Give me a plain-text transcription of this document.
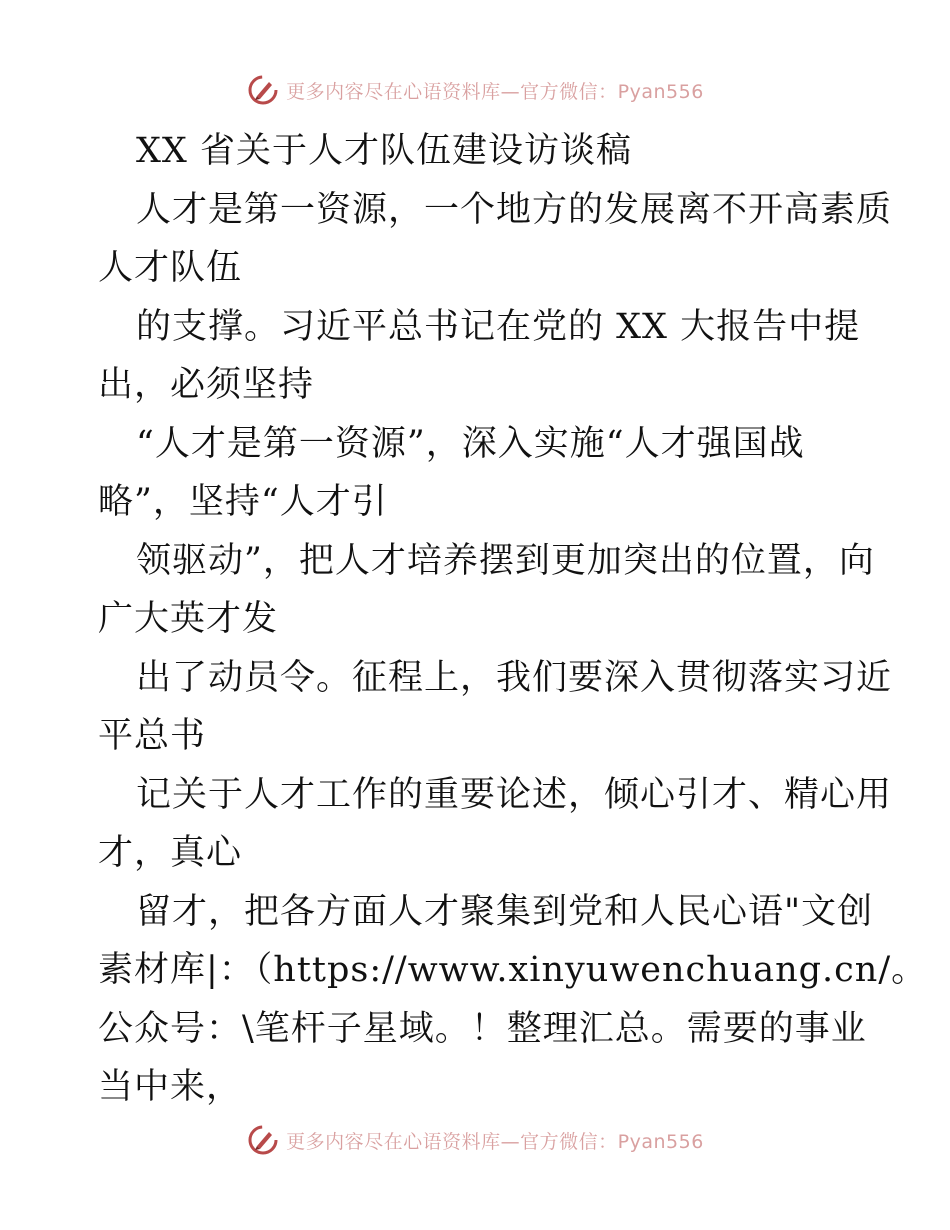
更多内容尽在心语资料库—官方微信：Pyan556
XX 省关于人才队伍建设访谈稿
人才是第一资源，一个地方的发展离不开高素质
人才队伍
的支撑。习近平总书记在党的 XX 大报告中提
出，必须坚持
“人才是第一资源”，深入实施“人才强国战
略”，坚持“人才引
领驱动”，把人才培养摆到更加突出的位置，向
广大英才发
出了动员令。征程上，我们要深入贯彻落实习近
平总书
记关于人才工作的重要论述，倾心引才、精心用
才，真心
留才，把各方面人才聚集到党和人民心语"文创
素材库|：（https://www.xinyuwenchuang.cn/。
公众号：\笔杆子星域。！整理汇总。需要的事业
当中来，
更多内容尽在心语资料库—官方微信：Pyan556
